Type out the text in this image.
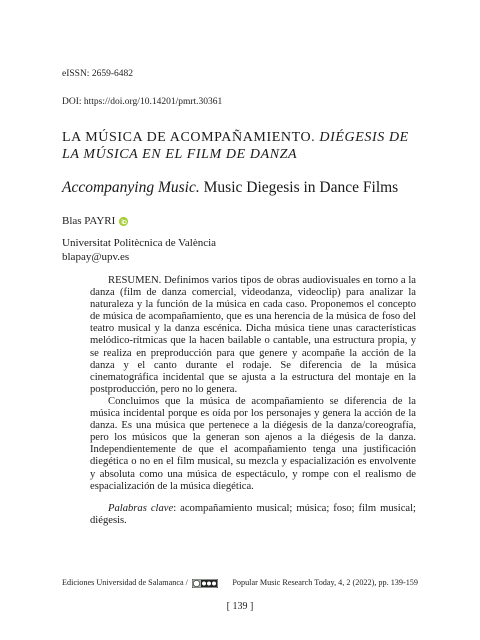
eISSN: 2659-6482
DOI: https://doi.org/10.14201/pmrt.30361
LA MÚSICA DE ACOMPAÑAMIENTO. DIÉGESIS DE LA MÚSICA EN EL FILM DE DANZA
Accompanying Music. Music Diegesis in Dance Films
Blas PAYRI
Universitat Politècnica de València
blapay@upv.es

RESUMEN. Definimos varios tipos de obras audiovisuales en torno a la danza (film de danza comercial, videodanza, videoclip) para analizar la naturaleza y la función de la música en cada caso. Proponemos el concepto de música de acompañamiento, que es una herencia de la música de foso del teatro musical y la danza escénica. Dicha música tiene unas características melódico-rítmicas que la hacen bailable o cantable, una estructura propia, y se realiza en preproducción para que genere y acompañe la acción de la danza y el canto durante el rodaje. Se diferencia de la música cinematográfica incidental que se ajusta a la estructura del montaje en la postproducción, pero no lo genera.

Concluimos que la música de acompañamiento se diferencia de la música incidental porque es oída por los personajes y genera la acción de la danza. Es una música que pertenece a la diégesis de la danza/coreografía, pero los músicos que la generan son ajenos a la diégesis de la danza. Independientemente de que el acompañamiento tenga una justificación diegética o no en el film musical, su mezcla y espacialización es envolvente y absoluta como una música de espectáculo, y rompe con el realismo de espacialización de la música diegética.

Palabras clave: acompañamiento musical; música; foso; film musical; diégesis.

Ediciones Universidad de Salamanca /	Popular Music Research Today, 4, 2 (2022), pp. 139-159
[ 139 ]
